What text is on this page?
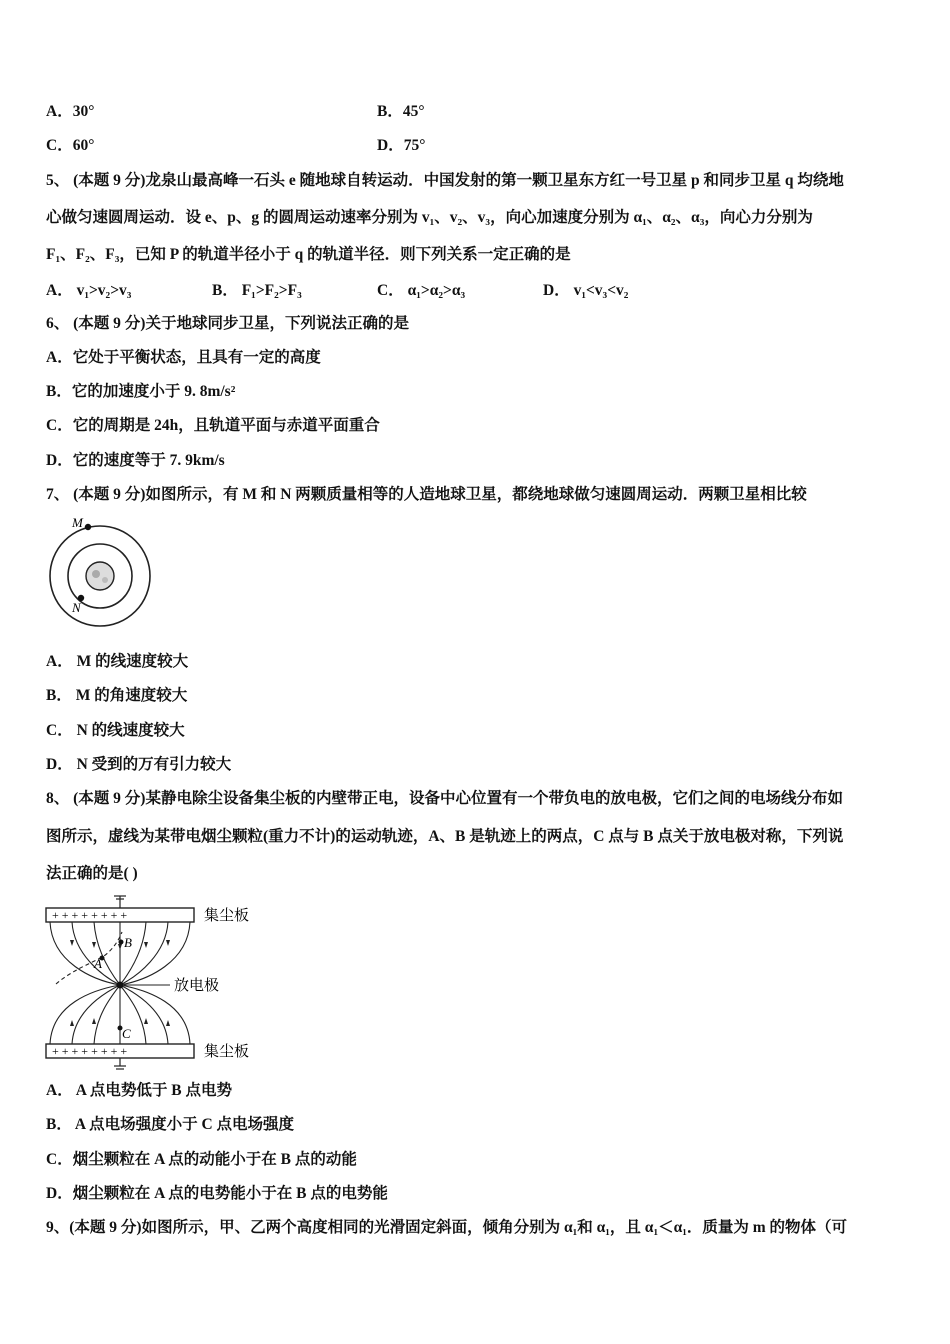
A．30°	B．45°
C．60°	D．75°
5、 (本题 9 分)龙泉山最高峰一石头 e 随地球自转运动．中国发射的第一颗卫星东方红一号卫星 p 和同步卫星 q 均绕地
心做匀速圆周运动．设 e、p、g 的圆周运动速率分别为 v₁、v₂、v₃，向心加速度分别为 α₁、α₂、α₃，向心力分别为
F₁、F₂、F₃，已知 P 的轨道半径小于 q 的轨道半径．则下列关系一定正确的是
A． v₁>v₂>v₃	B． F₁>F₂>F₃	C． α₁>α₂>α₃	D． v₁<v₃<v₂
6、 (本题 9 分)关于地球同步卫星，下列说法正确的是
A．它处于平衡状态，且具有一定的高度
B．它的加速度小于 9. 8m/s²
C．它的周期是 24h，且轨道平面与赤道平面重合
D．它的速度等于 7. 9km/s
7、 (本题 9 分)如图所示，有 M 和 N 两颗质量相等的人造地球卫星，都绕地球做匀速圆周运动．两颗卫星相比较
M
N
A． M 的线速度较大
B． M 的角速度较大
C． N 的线速度较大
D． N 受到的万有引力较大
8、 (本题 9 分)某静电除尘设备集尘板的内壁带正电，设备中心位置有一个带负电的放电极，它们之间的电场线分布如
图所示，虚线为某带电烟尘颗粒(重力不计)的运动轨迹，A、B 是轨迹上的两点，C 点与 B 点关于放电极对称，下列说
法正确的是( )
+ + + + + + + +	集尘板
B
A
C
放电极
+ + + + + + + +	集尘板
A． A 点电势低于 B 点电势
B． A 点电场强度小于 C 点电场强度
C．烟尘颗粒在 A 点的动能小于在 B 点的动能
D．烟尘颗粒在 A 点的电势能小于在 B 点的电势能
9、(本题 9 分)如图所示，甲、乙两个高度相同的光滑固定斜面，倾角分别为 α₁和 α₁，且 α₁＜α₁．质量为 m 的物体（可
